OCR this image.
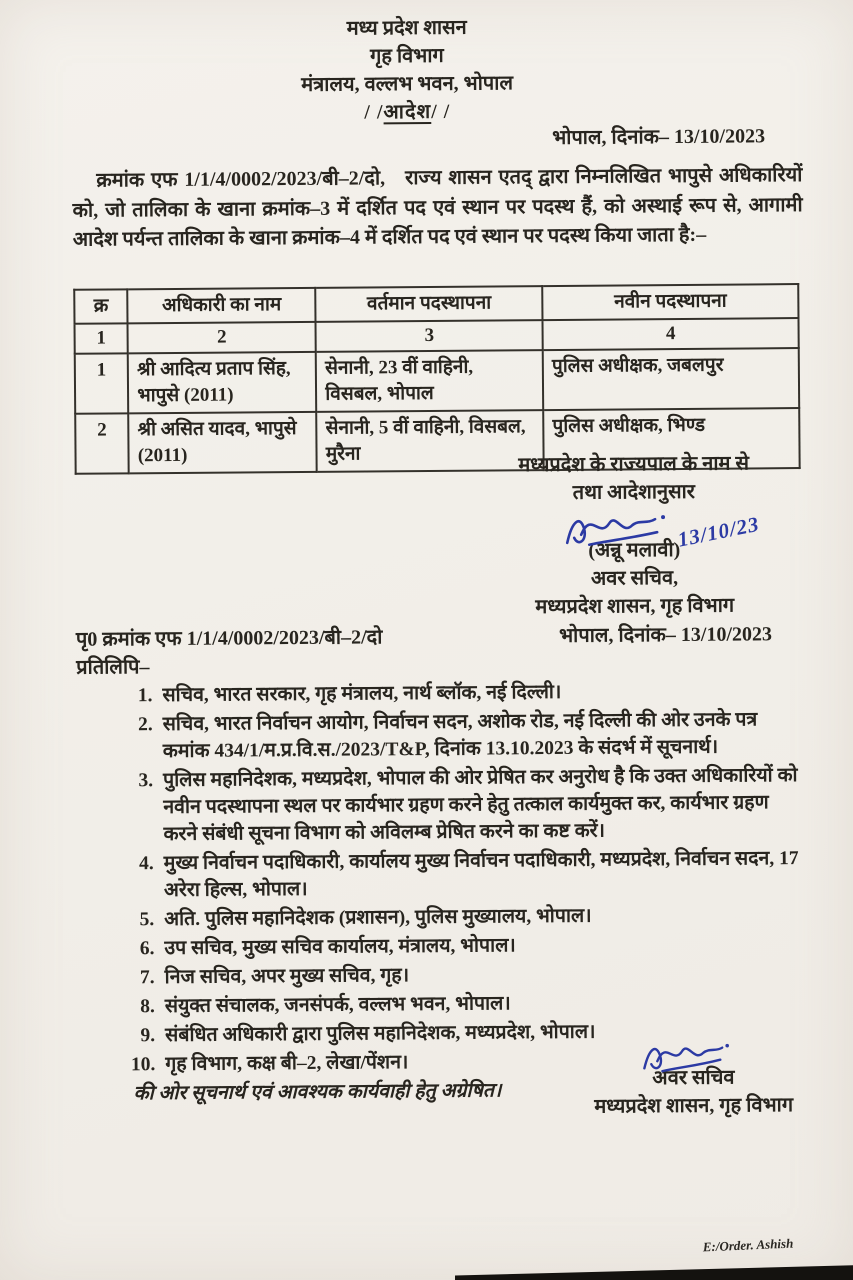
मध्य प्रदेश शासन
गृह विभाग
मंत्रालय, वल्लभ भवन, भोपाल
/ /आदेश/ /
भोपाल, दिनांक– 13/10/2023
क्रमांक एफ 1/1/4/0002/2023/बी–2/दो,  राज्य शासन एतद् द्वारा निम्नलिखित भापुसे अधिकारियों को, जो तालिका के खाना क्रमांक–3 में दर्शित पद एवं स्थान पर पदस्थ हैं, को अस्थाई रूप से, आगामी आदेश पर्यन्त तालिका के खाना क्रमांक–4 में दर्शित पद एवं स्थान पर पदस्थ किया जाता है:–
क्र	अधिकारी का नाम	वर्तमान पदस्थापना	नवीन पदस्थापना
1	2	3	4
1	श्री आदित्य प्रताप सिंह, भापुसे (2011)	सेनानी, 23 वीं वाहिनी, विसबल, भोपाल	पुलिस अधीक्षक, जबलपुर
2	श्री असित यादव, भापुसे (2011)	सेनानी, 5 वीं वाहिनी, विसबल, मुरैना	पुलिस अधीक्षक, भिण्ड
मध्यप्रदेश के राज्यपाल के नाम से
तथा आदेशानुसार
13/10/23
(अन्नू मलावी)
अवर सचिव,
मध्यप्रदेश शासन, गृह विभाग
पृ0 क्रमांक एफ 1/1/4/0002/2023/बी–2/दो	भोपाल, दिनांक– 13/10/2023
प्रतिलिपि–
1. सचिव, भारत सरकार, गृह मंत्रालय, नार्थ ब्लॉक, नई दिल्ली।
2. सचिव, भारत निर्वाचन आयोग, निर्वाचन सदन, अशोक रोड, नई दिल्ली की ओर उनके पत्र कमांक 434/1/म.प्र.वि.स./2023/T&P, दिनांक 13.10.2023 के संदर्भ में सूचनार्थ।
3. पुलिस महानिदेशक, मध्यप्रदेश, भोपाल की ओर प्रेषित कर अनुरोध है कि उक्त अधिकारियों को नवीन पदस्थापना स्थल पर कार्यभार ग्रहण करने हेतु तत्काल कार्यमुक्त कर, कार्यभार ग्रहण करने संबंधी सूचना विभाग को अविलम्ब प्रेषित करने का कष्ट करें।
4. मुख्य निर्वाचन पदाधिकारी, कार्यालय मुख्य निर्वाचन पदाधिकारी, मध्यप्रदेश, निर्वाचन सदन, 17 अरेरा हिल्स, भोपाल।
5. अति. पुलिस महानिदेशक (प्रशासन), पुलिस मुख्यालय, भोपाल।
6. उप सचिव, मुख्य सचिव कार्यालय, मंत्रालय, भोपाल।
7. निज सचिव, अपर मुख्य सचिव, गृह।
8. संयुक्त संचालक, जनसंपर्क, वल्लभ भवन, भोपाल।
9. संबंधित अधिकारी द्वारा पुलिस महानिदेशक, मध्यप्रदेश, भोपाल।
10. गृह विभाग, कक्ष बी–2, लेखा/पेंशन।
की ओर सूचनार्थ एवं आवश्यक कार्यवाही हेतु अग्रेषित।
अवर सचिव
मध्यप्रदेश शासन, गृह विभाग
E:/Order. Ashish
